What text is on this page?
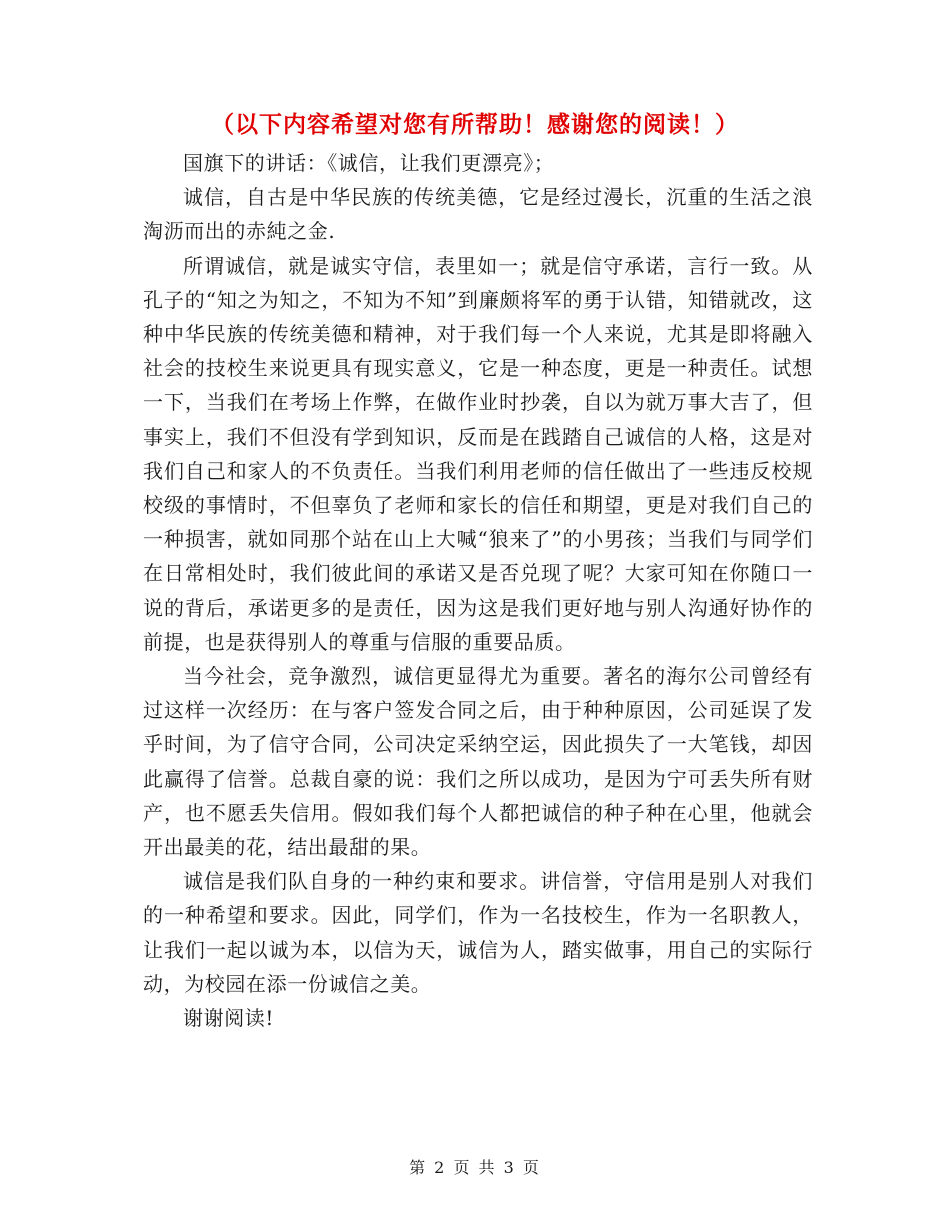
（以下内容希望对您有所帮助！感谢您的阅读！）

国旗下的讲话：《诚信，让我们更漂亮》；

诚信，自古是中华民族的传统美德，它是经过漫长，沉重的生活之浪淘沥而出的赤純之金.

所谓诚信，就是诚实守信，表里如一；就是信守承诺，言行一致。从孔子的“知之为知之，不知为不知”到廉颇将军的勇于认错，知错就改，这种中华民族的传统美德和精神，对于我们每一个人来说，尤其是即将融入社会的技校生来说更具有现实意义，它是一种态度，更是一种责任。试想一下，当我们在考场上作弊，在做作业时抄袭，自以为就万事大吉了，但事实上，我们不但没有学到知识，反而是在践踏自己诚信的人格，这是对我们自己和家人的不负责任。当我们利用老师的信任做出了一些违反校规校级的事情时，不但辜负了老师和家长的信任和期望，更是对我们自己的一种损害，就如同那个站在山上大喊“狼来了”的小男孩；当我们与同学们在日常相处时，我们彼此间的承诺又是否兑现了呢？大家可知在你随口一说的背后，承诺更多的是责任，因为这是我们更好地与别人沟通好协作的前提，也是获得别人的尊重与信服的重要品质。

当今社会，竞争激烈，诚信更显得尤为重要。著名的海尔公司曾经有过这样一次经历：在与客户签发合同之后，由于种种原因，公司延误了发乎时间，为了信守合同，公司决定采纳空运，因此损失了一大笔钱，却因此赢得了信誉。总裁自豪的说：我们之所以成功，是因为宁可丢失所有财产，也不愿丢失信用。假如我们每个人都把诚信的种子种在心里，他就会开出最美的花，结出最甜的果。

诚信是我们队自身的一种约束和要求。讲信誉，守信用是别人对我们的一种希望和要求。因此，同学们，作为一名技校生，作为一名职教人，让我们一起以诚为本，以信为天，诚信为人，踏实做事，用自己的实际行动，为校园在添一份诚信之美。

谢谢阅读!

第 2 页 共 3 页
